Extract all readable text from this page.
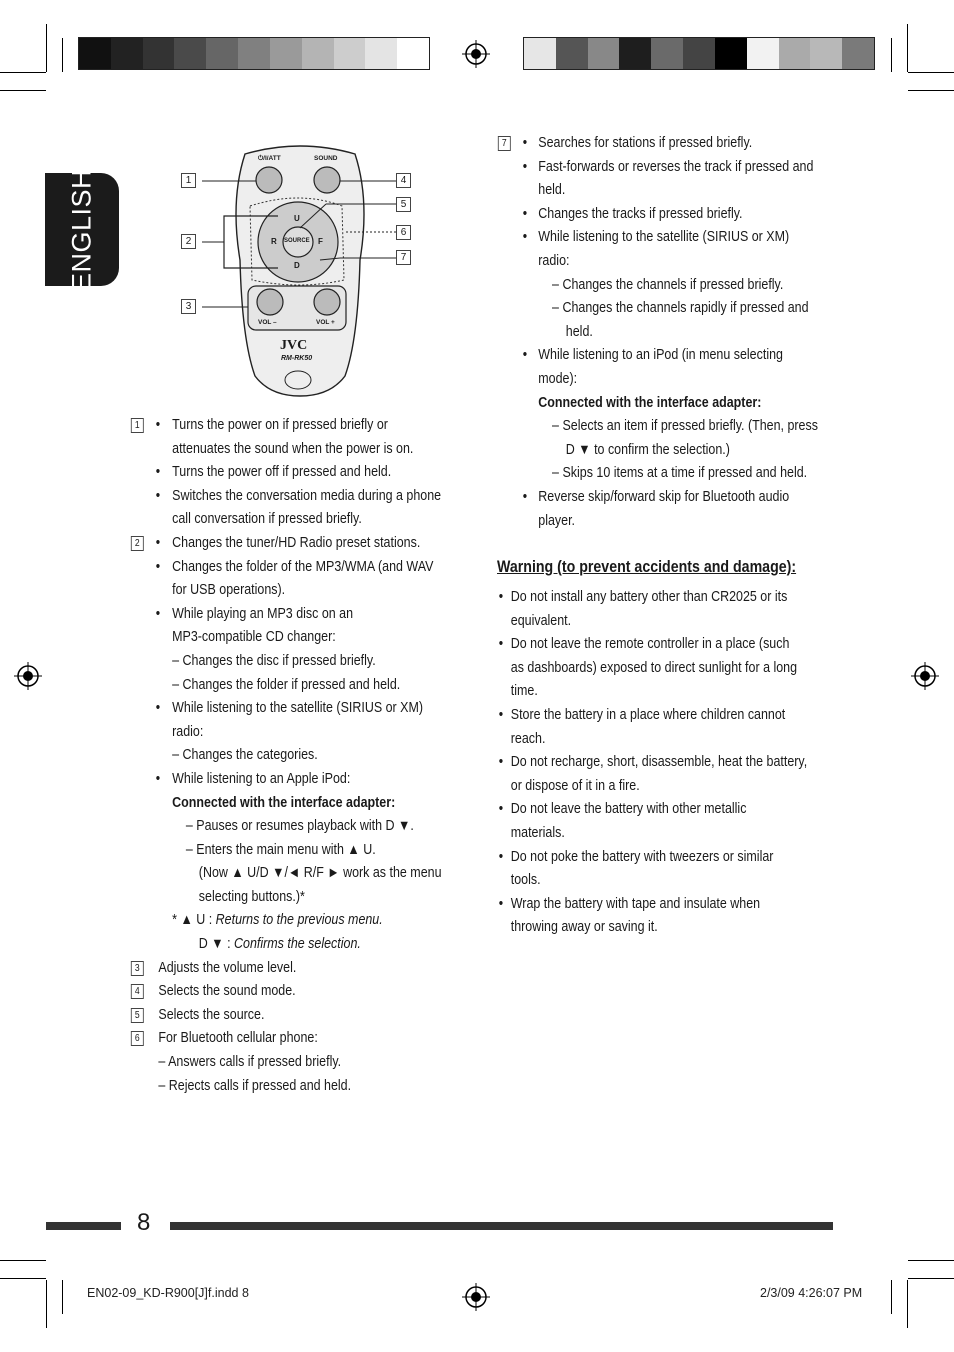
ENGLISH
⏻/I/ATT	SOUND
SOURCE
U
D
R	F
VOL –	VOL +
JVC
RM-RK50
1
2
3
4
5
6
7
1 • Turns the power on if pressed briefly or
attenuates the sound when the power is on.
• Turns the power off if pressed and held.
• Switches the conversation media during a phone
call conversation if pressed briefly.
2 • Changes the tuner/HD Radio preset stations.
• Changes the folder of the MP3/WMA (and WAV
for USB operations).
• While playing an MP3 disc on an
MP3-compatible CD changer:
– Changes the disc if pressed briefly.
– Changes the folder if pressed and held.
• While listening to the satellite (SIRIUS or XM)
radio:
– Changes the categories.
• While listening to an Apple iPod:
Connected with the interface adapter:
– Pauses or resumes playback with D ▼.
– Enters the main menu with ▲ U.
(Now ▲ U/D ▼/◄ R/F ► work as the menu
selecting buttons.)*
* ▲ U : Returns to the previous menu.
D ▼ : Confirms the selection.
3 Adjusts the volume level.
4 Selects the sound mode.
5 Selects the source.
6 For Bluetooth cellular phone:
– Answers calls if pressed briefly.
– Rejects calls if pressed and held.
7 • Searches for stations if pressed briefly.
• Fast-forwards or reverses the track if pressed and
held.
• Changes the tracks if pressed briefly.
• While listening to the satellite (SIRIUS or XM)
radio:
– Changes the channels if pressed briefly.
– Changes the channels rapidly if pressed and
held.
• While listening to an iPod (in menu selecting
mode):
Connected with the interface adapter:
– Selects an item if pressed briefly. (Then, press
D ▼ to confirm the selection.)
– Skips 10 items at a time if pressed and held.
• Reverse skip/forward skip for Bluetooth audio
player.
Warning (to prevent accidents and damage):
• Do not install any battery other than CR2025 or its
equivalent.
• Do not leave the remote controller in a place (such
as dashboards) exposed to direct sunlight for a long
time.
• Store the battery in a place where children cannot
reach.
• Do not recharge, short, disassemble, heat the battery,
or dispose of it in a fire.
• Do not leave the battery with other metallic
materials.
• Do not poke the battery with tweezers or similar
tools.
• Wrap the battery with tape and insulate when
throwing away or saving it.
8
EN02-09_KD-R900[J]f.indd 8	2/3/09 4:26:07 PM
